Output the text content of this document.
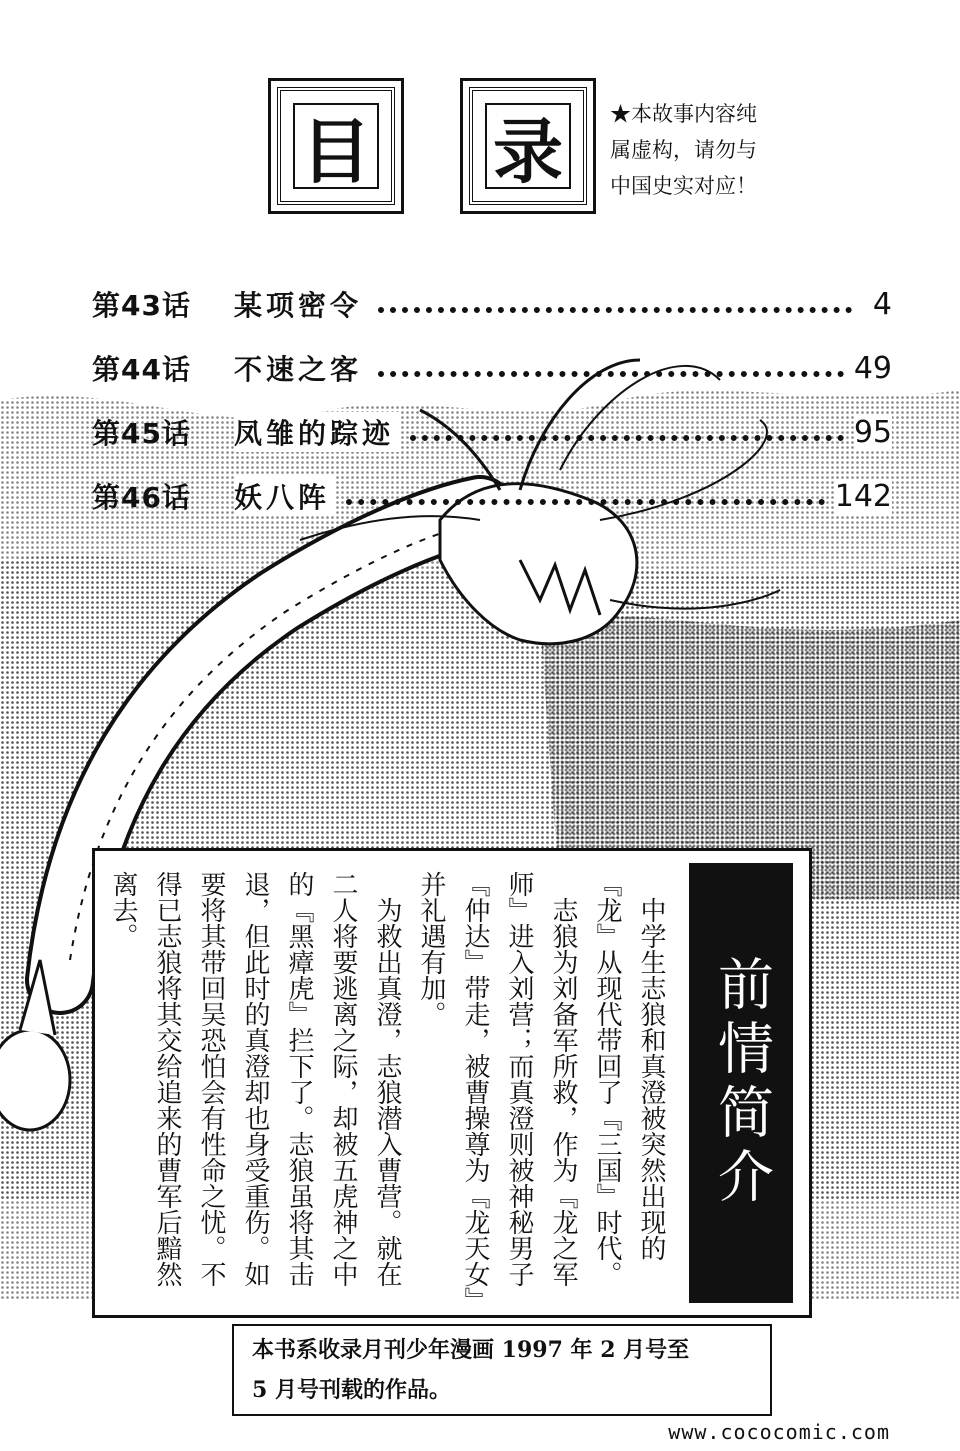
目 录	★本故事内容纯
属虚构，请勿与
中国史实对应！
第43话	某项密令	4
第44话	不速之客	49
第45话	凤雏的踪迹	95
第46话	妖八阵	142
前情简介

　中学生志狼和真澄被突然出现的『龙』从现代带回了『三国』时代。

　志狼为刘备军所救，作为『龙之军师』进入刘营；而真澄则被神秘男子『仲达』带走，被曹操尊为『龙天女』并礼遇有加。

　为救出真澄，志狼潜入曹营。就在二人将要逃离之际，却被五虎神之中的『黑瘴虎』拦下了。志狼虽将其击退，但此时的真澄却也身受重伤。如要将其带回吴恐怕会有性命之忧。不得已志狼将其交给追来的曹军后黯然离去。

本书系收录月刊少年漫画 1997 年 2 月号至
5 月号刊载的作品。
www.cococomic.com
